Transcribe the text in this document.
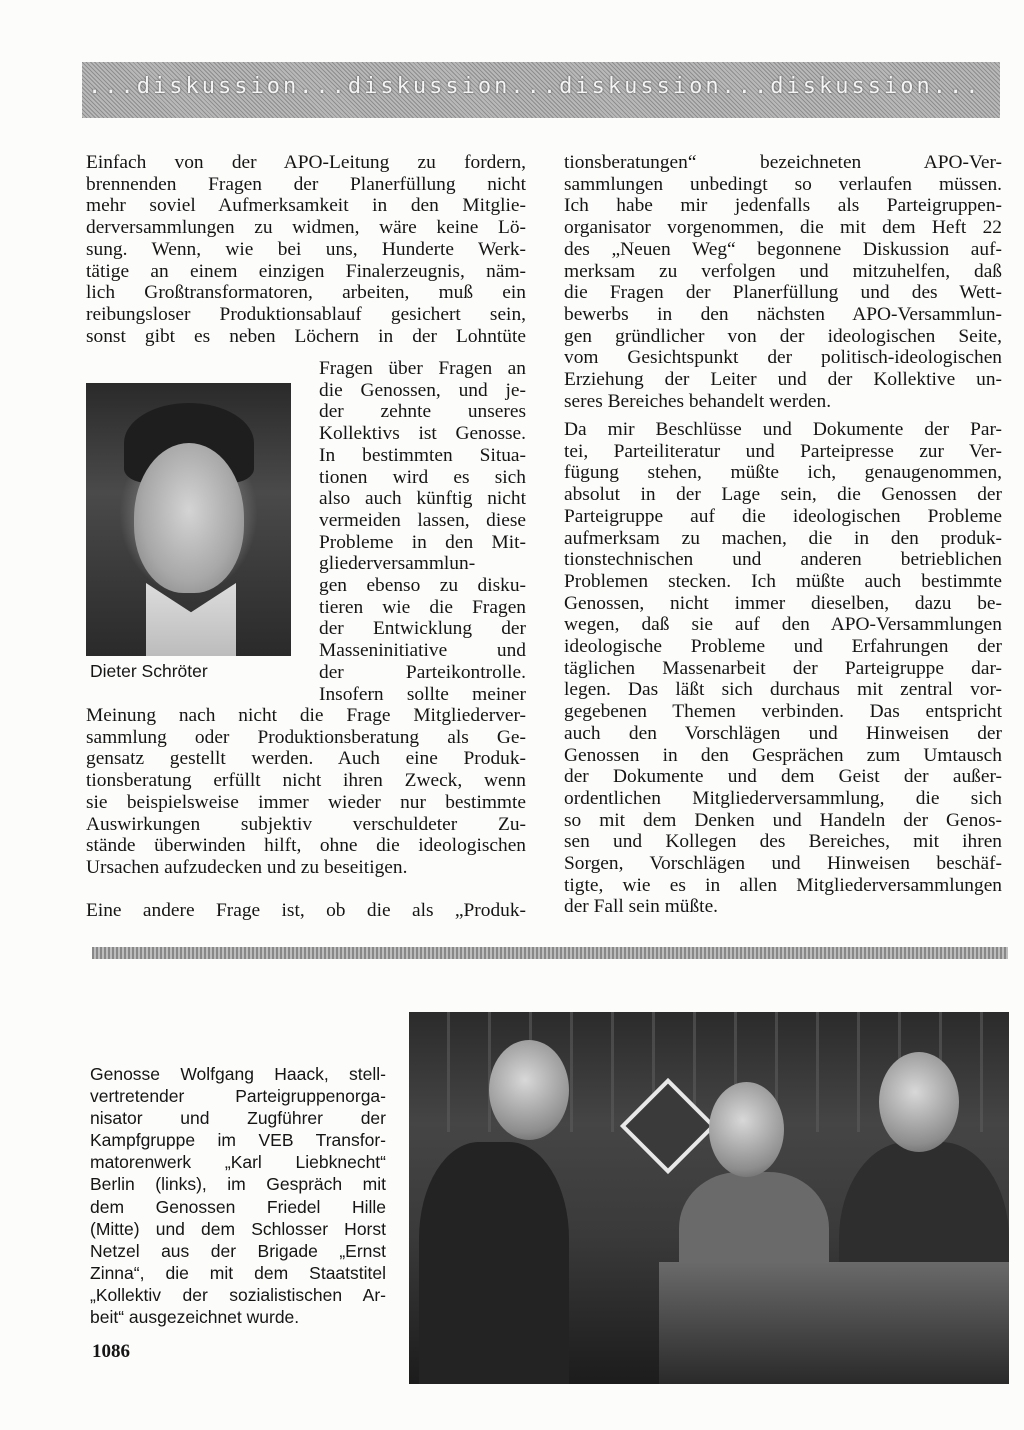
...diskussion...diskussion...diskussion...diskussion...
Einfach von der APO-Leitung zu fordern,
brennenden Fragen der Planerfüllung nicht
mehr soviel Aufmerksamkeit in den Mitglie-
derversammlungen zu widmen, wäre keine Lö-
sung. Wenn, wie bei uns, Hunderte Werk-
tätige an einem einzigen Finalerzeugnis, näm-
lich Großtransformatoren, arbeiten, muß ein
reibungsloser Produktionsablauf gesichert sein,
sonst gibt es neben Löchern in der Lohntüte
Dieter Schröter
Fragen über Fragen an
die Genossen, und je-
der zehnte unseres
Kollektivs ist Genosse.
In bestimmten Situa-
tionen wird es sich
also auch künftig nicht
vermeiden lassen, diese
Probleme in den Mit-
gliederversammlun-
gen ebenso zu disku-
tieren wie die Fragen
der Entwicklung der
Masseninitiative und
der Parteikontrolle.
Insofern sollte meiner
Meinung nach nicht die Frage Mitgliederver-
sammlung oder Produktionsberatung als Ge-
gensatz gestellt werden. Auch eine Produk-
tionsberatung erfüllt nicht ihren Zweck, wenn
sie beispielsweise immer wieder nur bestimmte
Auswirkungen subjektiv verschuldeter Zu-
stände überwinden hilft, ohne die ideologischen
Ursachen aufzudecken und zu beseitigen.
Eine andere Frage ist, ob die als „Produk-
tionsberatungen“ bezeichneten APO-Ver-
sammlungen unbedingt so verlaufen müssen.
Ich habe mir jedenfalls als Parteigruppen-
organisator vorgenommen, die mit dem Heft 22
des „Neuen Weg“ begonnene Diskussion auf-
merksam zu verfolgen und mitzuhelfen, daß
die Fragen der Planerfüllung und des Wett-
bewerbs in den nächsten APO-Versammlun-
gen gründlicher von der ideologischen Seite,
vom Gesichtspunkt der politisch-ideologischen
Erziehung der Leiter und der Kollektive un-
seres Bereiches behandelt werden.
Da mir Beschlüsse und Dokumente der Par-
tei, Parteiliteratur und Parteipresse zur Ver-
fügung stehen, müßte ich, genaugenommen,
absolut in der Lage sein, die Genossen der
Parteigruppe auf die ideologischen Probleme
aufmerksam zu machen, die in den produk-
tionstechnischen und anderen betrieblichen
Problemen stecken. Ich müßte auch bestimmte
Genossen, nicht immer dieselben, dazu be-
wegen, daß sie auf den APO-Versammlungen
ideologische Probleme und Erfahrungen der
täglichen Massenarbeit der Parteigruppe dar-
legen. Das läßt sich durchaus mit zentral vor-
gegebenen Themen verbinden. Das entspricht
auch den Vorschlägen und Hinweisen der
Genossen in den Gesprächen zum Umtausch
der Dokumente und dem Geist der außer-
ordentlichen Mitgliederversammlung, die sich
so mit dem Denken und Handeln der Genos-
sen und Kollegen des Bereiches, mit ihren
Sorgen, Vorschlägen und Hinweisen beschäf-
tigte, wie es in allen Mitgliederversammlungen
der Fall sein müßte.
Genosse Wolfgang Haack, stell-
vertretender Parteigruppenorga-
nisator und Zugführer der
Kampfgruppe im VEB Transfor-
matorenwerk „Karl Liebknecht“
Berlin (links), im Gespräch mit
dem Genossen Friedel Hille
(Mitte) und dem Schlosser Horst
Netzel aus der Brigade „Ernst
Zinna“, die mit dem Staatstitel
„Kollektiv der sozialistischen Ar-
beit“ ausgezeichnet wurde.
1086
